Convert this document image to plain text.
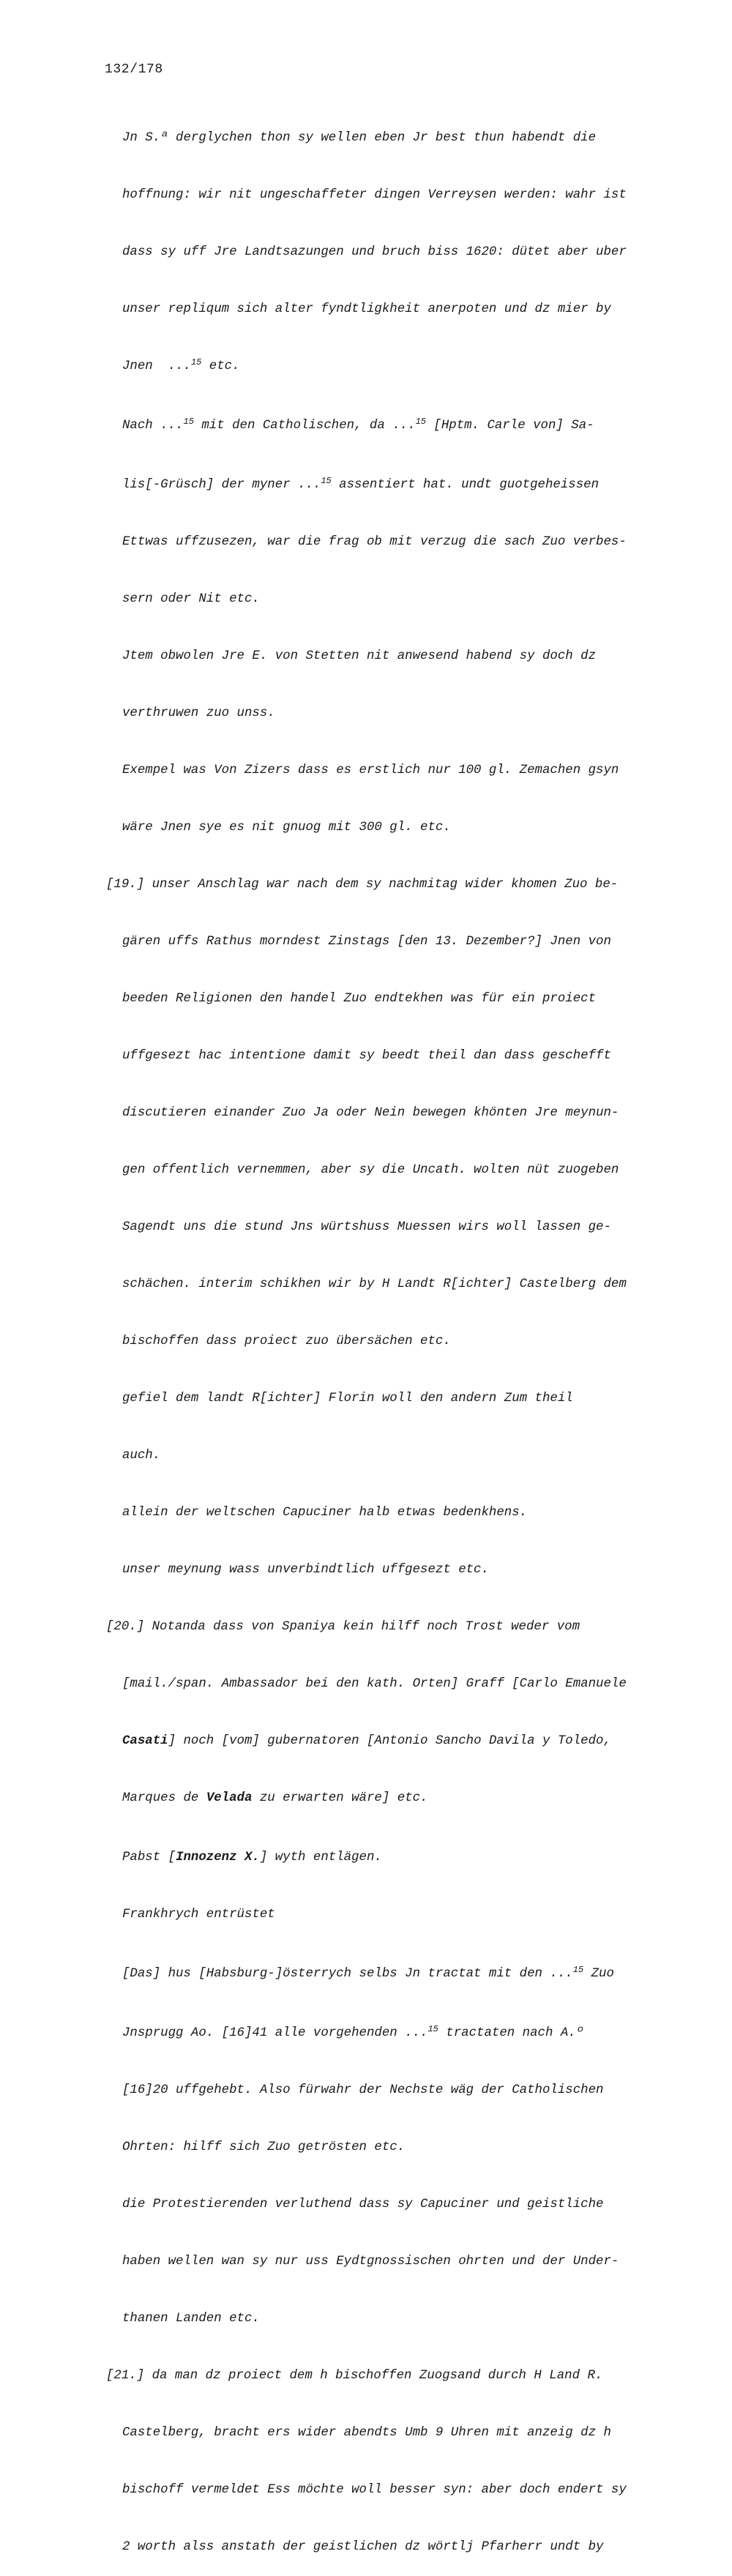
132/178

Jn S.ª derglychen thon sy wellen eben Jr best thun habendt die

hoffnung: wir nit ungeschaffeter dingen Verreysen werden: wahr ist

dass sy uff Jre Landtsazungen und bruch biss 1620: dütet aber uber

unser repliqum sich alter fyndtligkheit anerpoten und dz mier by

Jnen  ...$^{15}$ etc.

Nach ...$^{15}$ mit den Catholischen, da ...$^{15}$ [Hptm. Carle von] Sa-

lis[-Grüsch] der myner ...$^{15}$ assentiert hat. undt guotgeheissen

Ettwas uffzusezen, war die frag ob mit verzug die sach Zuo verbes-

sern oder Nit etc.

Jtem obwolen Jre E. von Stetten nit anwesend habend sy doch dz

verthruwen zuo unss.

Exempel was Von Zizers dass es erstlich nur 100 gl. Zemachen gsyn

wäre Jnen sye es nit gnuog mit 300 gl. etc.

[19.] unser Anschlag war nach dem sy nachmitag wider khomen Zuo be-

gären uffs Rathus morndest Zinstags [den 13. Dezember?] Jnen von

beeden Religionen den handel Zuo endtekhen was für ein proiect

uffgesezt hac intentione damit sy beedt theil dan dass geschefft

discutieren einander Zuo Ja oder Nein bewegen khönten Jre meynun-

gen offentlich vernemmen, aber sy die Uncath. wolten nüt zuogeben

Sagendt uns die stund Jns würtshuss Muessen wirs woll lassen ge-

schächen. interim schikhen wir by H Landt R[ichter] Castelberg dem

bischoffen dass proiect zuo übersächen etc.

gefiel dem landt R[ichter] Florin woll den andern Zum theil

auch.

allein der weltschen Capuciner halb etwas bedenkhens.

unser meynung wass unverbindtlich uffgesezt etc.

[20.] Notanda dass von Spaniya kein hilff noch Trost weder vom

[mail./span. Ambassador bei den kath. Orten] Graff [Carlo Emanuele

Casati] noch [vom] gubernatoren [Antonio Sancho Davila y Toledo,

Marques de Velada zu erwarten wäre] etc.

Pabst [Innozenz X.] wyth entlägen.

Frankhrych entrüstet

[Das] hus [Habsburg-]österrych selbs Jn tractat mit den ...$^{15}$ Zuo

Jnsprugg Ao. [16]41 alle vorgehenden ...$^{15}$ tractaten nach A.º

[16]20 uffgehebt. Also fürwahr der Nechste wäg der Catholischen

Ohrten: hilff sich Zuo getrösten etc.

die Protestierenden verluthend dass sy Capuciner und geistliche

haben wellen wan sy nur uss Eydtgnossischen ohrten und der Under-

thanen Landen etc.

[21.] da man dz proiect dem h bischoffen Zuogsand durch H Land R.

Castelberg, bracht ers wider abendts Umb 9 Uhren mit anzeig dz h

bischoff vermeldet Ess möchte woll besser syn: aber doch endert sy

2 worth alss anstath der geistlichen dz wörtlj Pfarherr undt by
